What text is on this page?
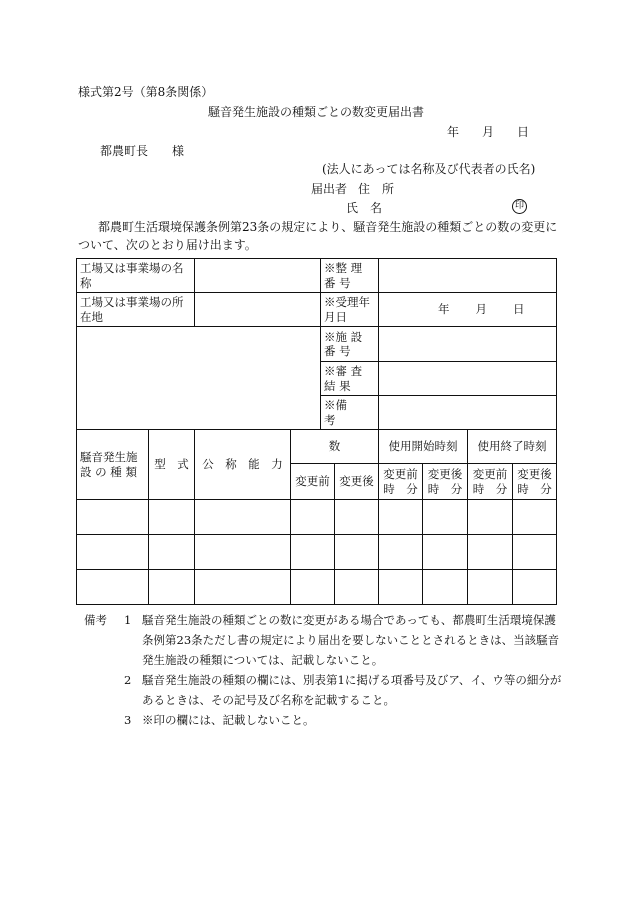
様式第2号（第8条関係）
騒音発生施設の種類ごとの数変更届出書
年 月 日
都農町長 様
(法人にあっては名称及び代表者の氏名)
届出者 住　所
氏　名	印
都農町生活環境保護条例第23条の規定により、騒音発生施設の種類ごとの数の変更に
ついて、次のとおり届け出ます。
工場又は事業場の名称				※整 理 番 号					
工場又は事業場の所在地				※受理年月日		年 月 日			
				※施 設 番 号					
				※審 査 結 果					
				※備　　　考					
騒音発生施設 の 種 類	型　式	公　称　能　力	数			使用開始時刻		使用終了時刻	
			変更前		変更後	変更前 時　分	変更後 時　分	変更前 時　分	変更後 時　分

備考 1 騒音発生施設の種類ごとの数に変更がある場合であっても、都農町生活環境保護条例第23条ただし書の規定により届出を要しないこととされるときは、当該騒音発生施設の種類については、記載しないこと。
2 騒音発生施設の種類の欄には、別表第1に掲げる項番号及びア、イ、ウ等の細分があるときは、その記号及び名称を記載すること。
3 ※印の欄には、記載しないこと。
